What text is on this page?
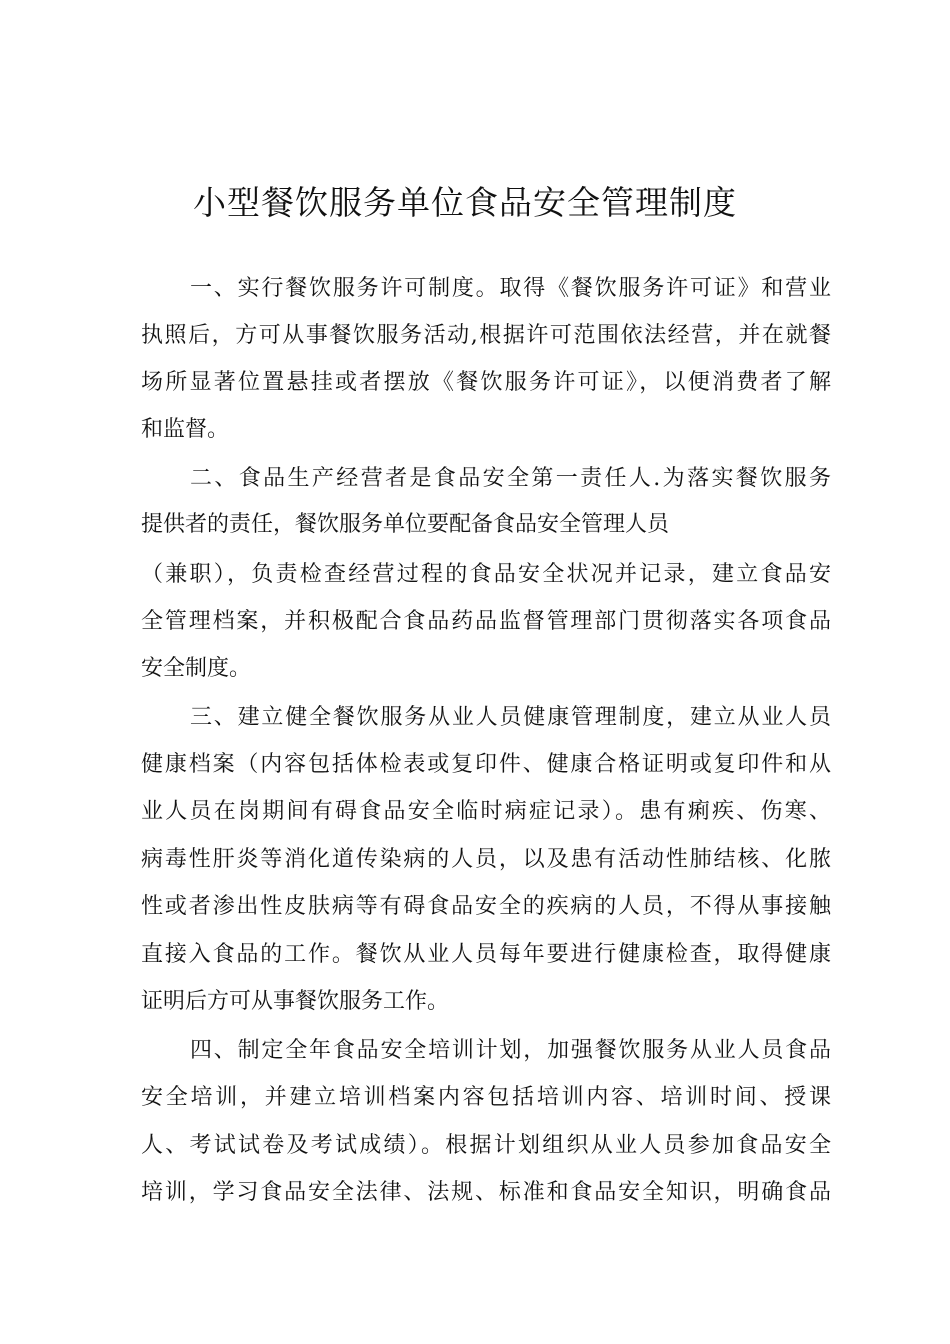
小型餐饮服务单位食品安全管理制度
一、实行餐饮服务许可制度。取得《餐饮服务许可证》和营业
执照后，方可从事餐饮服务活动,根据许可范围依法经营，并在就餐
场所显著位置悬挂或者摆放《餐饮服务许可证》，以便消费者了解
和监督。
二、食品生产经营者是食品安全第一责任人.为落实餐饮服务
提供者的责任，餐饮服务单位要配备食品安全管理人员
（兼职），负责检查经营过程的食品安全状况并记录，建立食品安
全管理档案，并积极配合食品药品监督管理部门贯彻落实各项食品
安全制度。
三、建立健全餐饮服务从业人员健康管理制度，建立从业人员
健康档案（内容包括体检表或复印件、健康合格证明或复印件和从
业人员在岗期间有碍食品安全临时病症记录）。患有痢疾、伤寒、
病毒性肝炎等消化道传染病的人员，以及患有活动性肺结核、化脓
性或者渗出性皮肤病等有碍食品安全的疾病的人员，不得从事接触
直接入食品的工作。餐饮从业人员每年要进行健康检查，取得健康
证明后方可从事餐饮服务工作。
四、制定全年食品安全培训计划，加强餐饮服务从业人员食品
安全培训，并建立培训档案内容包括培训内容、培训时间、授课
人、考试试卷及考试成绩）。根据计划组织从业人员参加食品安全
培训，学习食品安全法律、法规、标准和食品安全知识，明确食品
